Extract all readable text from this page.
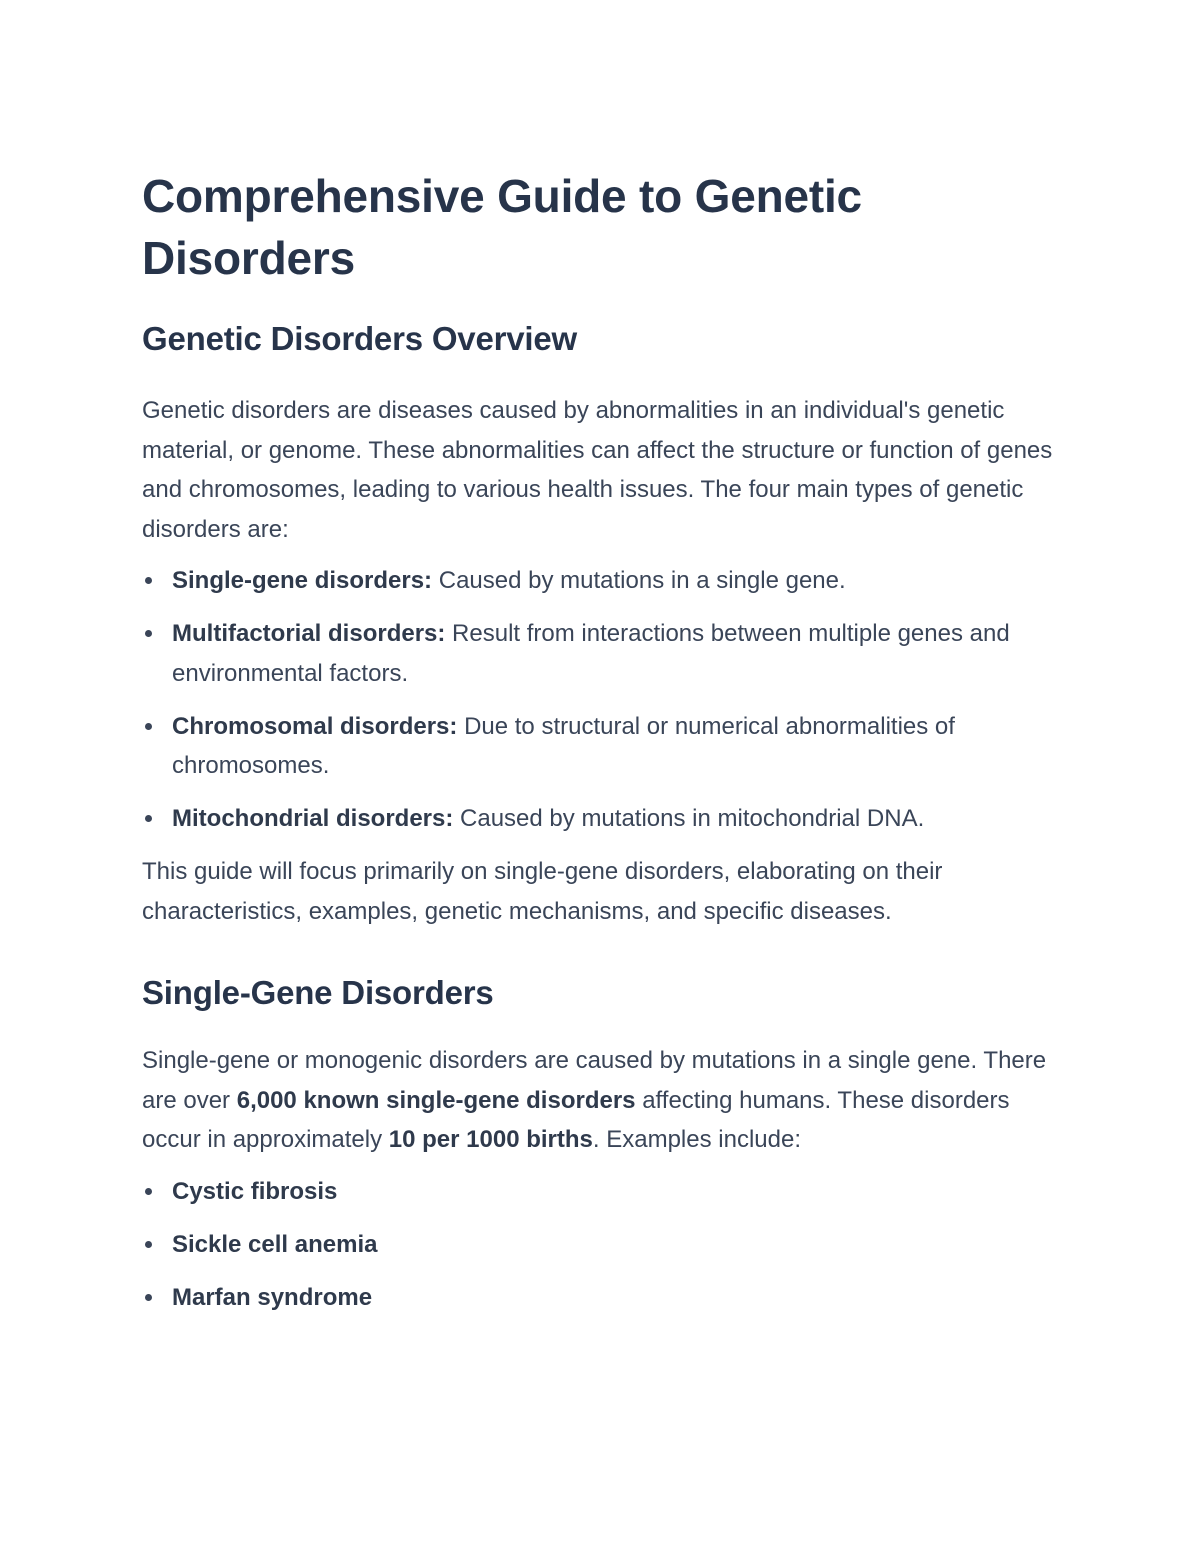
Comprehensive Guide to Genetic Disorders
Genetic Disorders Overview

Genetic disorders are diseases caused by abnormalities in an individual's genetic material, or genome. These abnormalities can affect the structure or function of genes and chromosomes, leading to various health issues. The four main types of genetic disorders are:

Single-gene disorders: Caused by mutations in a single gene.
Multifactorial disorders: Result from interactions between multiple genes and environmental factors.
Chromosomal disorders: Due to structural or numerical abnormalities of chromosomes.
Mitochondrial disorders: Caused by mutations in mitochondrial DNA.

This guide will focus primarily on single-gene disorders, elaborating on their characteristics, examples, genetic mechanisms, and specific diseases.

Single-Gene Disorders

Single-gene or monogenic disorders are caused by mutations in a single gene. There are over 6,000 known single-gene disorders affecting humans. These disorders occur in approximately 10 per 1000 births. Examples include:

Cystic fibrosis
Sickle cell anemia
Marfan syndrome
